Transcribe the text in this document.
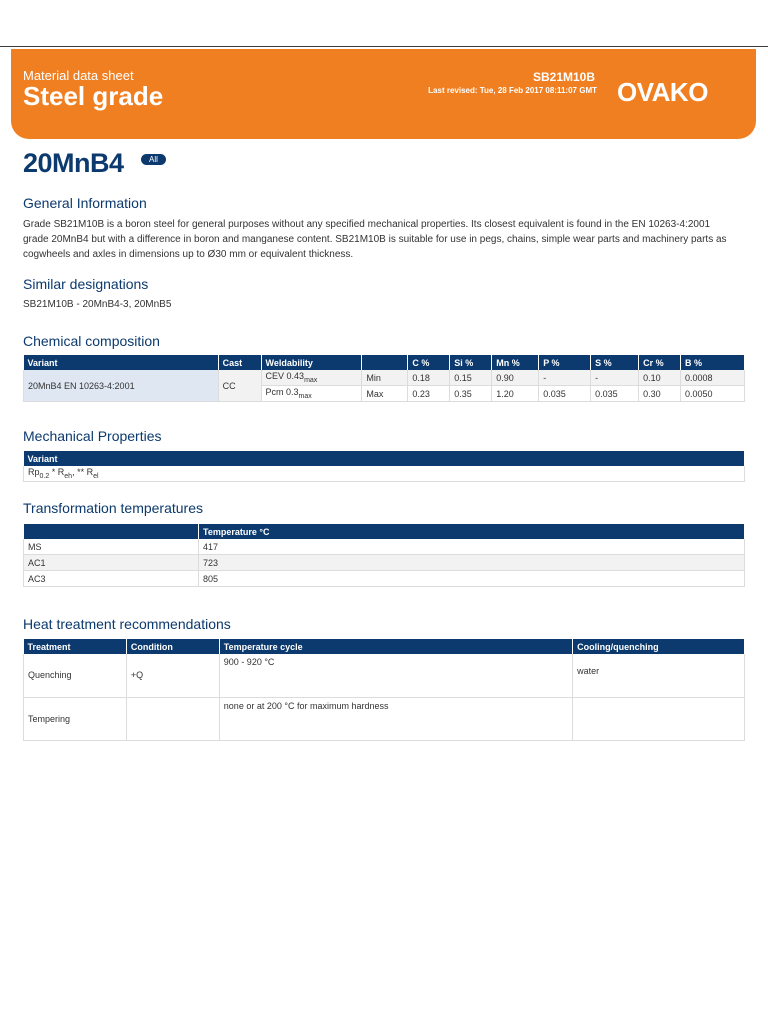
Material data sheet
Steel grade
SB21M10B
Last revised: Tue, 28 Feb 2017 08:11:07 GMT OVAKO
20MnB4	All
General Information

Grade SB21M10B is a boron steel for general purposes without any specified mechanical properties. Its closest equivalent is found in the EN 10263-4:2001 grade 20MnB4 but with a difference in boron and manganese content. SB21M10B is suitable for use in pegs, chains, simple wear parts and machinery parts as cogwheels and axles in dimensions up to Ø30 mm or equivalent thickness.

Similar designations

SB21M10B - 20MnB4-3, 20MnB5

Chemical composition
Variant	Cast	Weldability		C %	Si %	Mn %	P %	S %	Cr %	B %
20MnB4 EN 10263-4:2001	CC	CEV $0.43_{max}$	Min	0.18	0.15	0.90	-	-	0.10	0.0008
		Pcm $0.3_{max}$	Max	0.23	0.35	1.20	0.035	0.035	0.30	0.0050
Mechanical Properties
Variant
$Rp_{0.2} * R_{eh}$, ** $R_{el}$
Transformation temperatures
	Temperature °C
MS	417
AC1	723
AC3	805
Heat treatment recommendations
Treatment	Condition	Temperature cycle	Cooling/quenching
Quenching	+Q	900 - 920 °C	water
Tempering		none or at 200 °C for maximum hardness	
